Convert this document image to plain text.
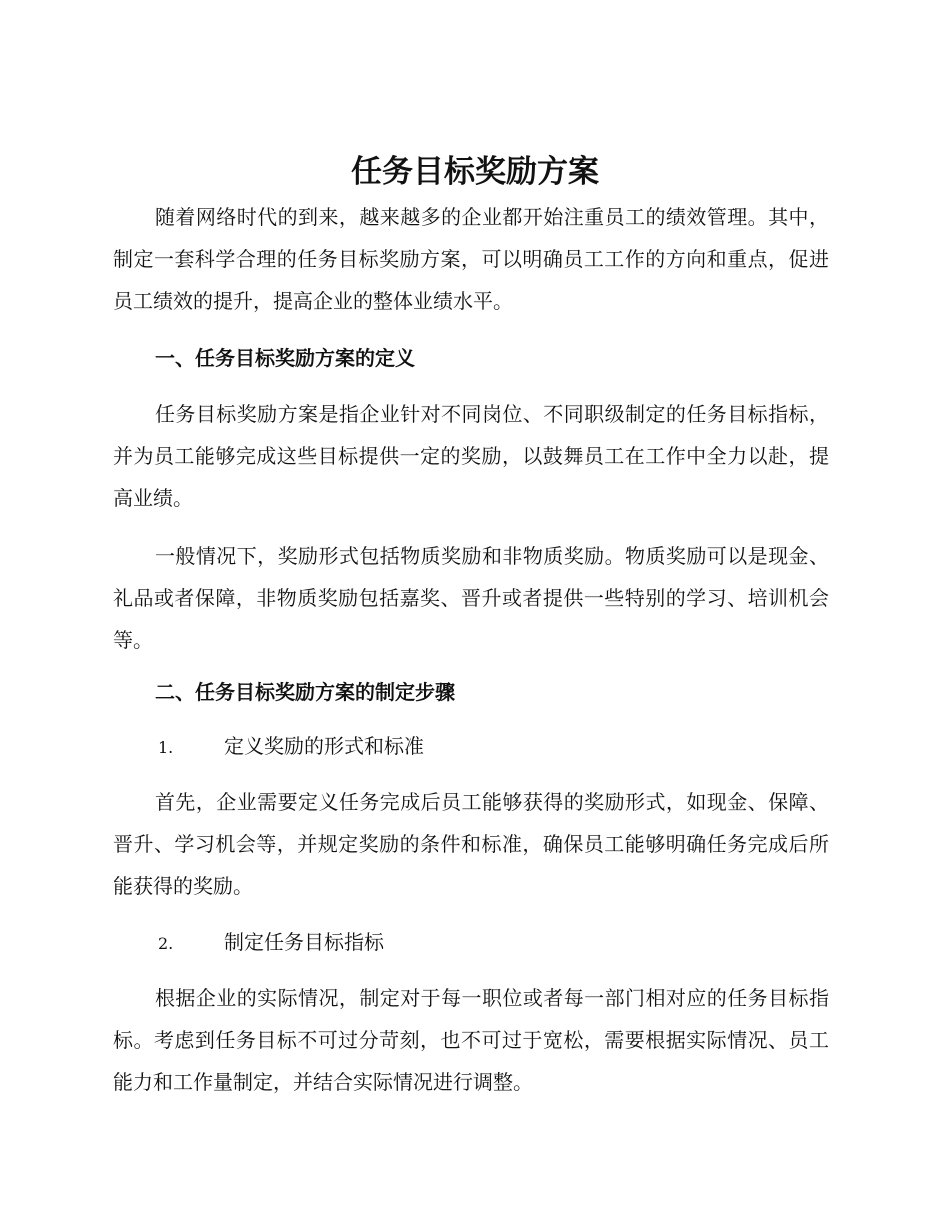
任务目标奖励方案

随着网络时代的到来，越来越多的企业都开始注重员工的绩效管理。其中，制定一套科学合理的任务目标奖励方案，可以明确员工工作的方向和重点，促进员工绩效的提升，提高企业的整体业绩水平。

一、任务目标奖励方案的定义

任务目标奖励方案是指企业针对不同岗位、不同职级制定的任务目标指标，并为员工能够完成这些目标提供一定的奖励，以鼓舞员工在工作中全力以赴，提高业绩。

一般情况下，奖励形式包括物质奖励和非物质奖励。物质奖励可以是现金、礼品或者保障，非物质奖励包括嘉奖、晋升或者提供一些特别的学习、培训机会等。

二、任务目标奖励方案的制定步骤
1.	定义奖励的形式和标准

首先，企业需要定义任务完成后员工能够获得的奖励形式，如现金、保障、晋升、学习机会等，并规定奖励的条件和标准，确保员工能够明确任务完成后所能获得的奖励。

2.	制定任务目标指标

根据企业的实际情况，制定对于每一职位或者每一部门相对应的任务目标指标。考虑到任务目标不可过分苛刻，也不可过于宽松，需要根据实际情况、员工能力和工作量制定，并结合实际情况进行调整。
